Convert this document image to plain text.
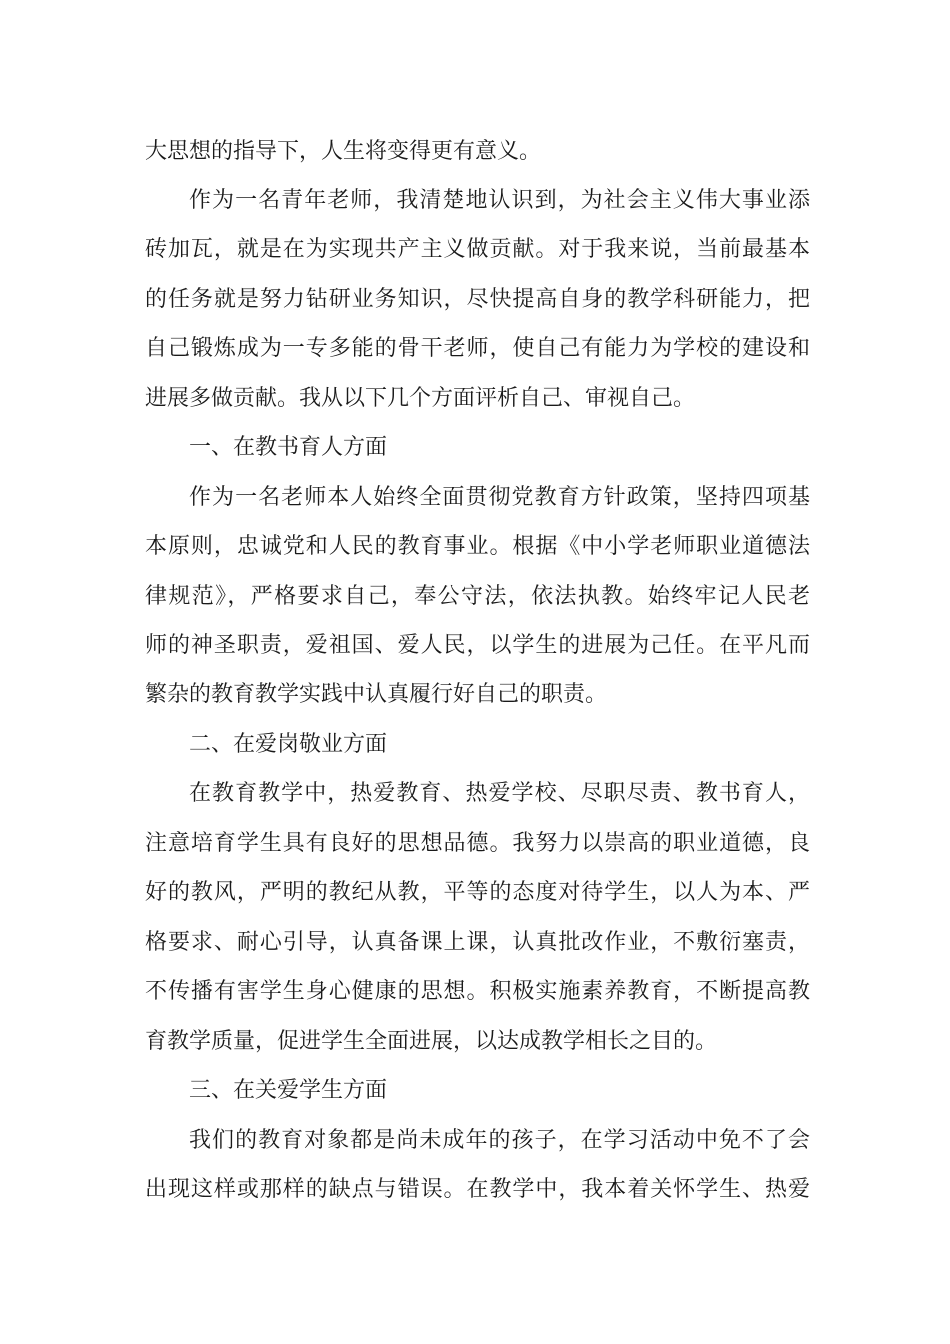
大思想的指导下，人生将变得更有意义。
作为一名青年老师，我清楚地认识到，为社会主义伟大事业添
砖加瓦，就是在为实现共产主义做贡献。对于我来说，当前最基本
的任务就是努力钻研业务知识，尽快提高自身的教学科研能力，把
自己锻炼成为一专多能的骨干老师，使自己有能力为学校的建设和
进展多做贡献。我从以下几个方面评析自己、审视自己。
一、在教书育人方面
作为一名老师本人始终全面贯彻党教育方针政策，坚持四项基
本原则，忠诚党和人民的教育事业。根据《中小学老师职业道德法
律规范》，严格要求自己，奉公守法，依法执教。始终牢记人民老
师的神圣职责，爱祖国、爱人民，以学生的进展为己任。在平凡而
繁杂的教育教学实践中认真履行好自己的职责。
二、在爱岗敬业方面
在教育教学中，热爱教育、热爱学校、尽职尽责、教书育人，
注意培育学生具有良好的思想品德。我努力以崇高的职业道德，良
好的教风，严明的教纪从教，平等的态度对待学生，以人为本、严
格要求、耐心引导，认真备课上课，认真批改作业，不敷衍塞责，
不传播有害学生身心健康的思想。积极实施素养教育，不断提高教
育教学质量，促进学生全面进展，以达成教学相长之目的。
三、在关爱学生方面
我们的教育对象都是尚未成年的孩子，在学习活动中免不了会
出现这样或那样的缺点与错误。在教学中，我本着关怀学生、热爱
